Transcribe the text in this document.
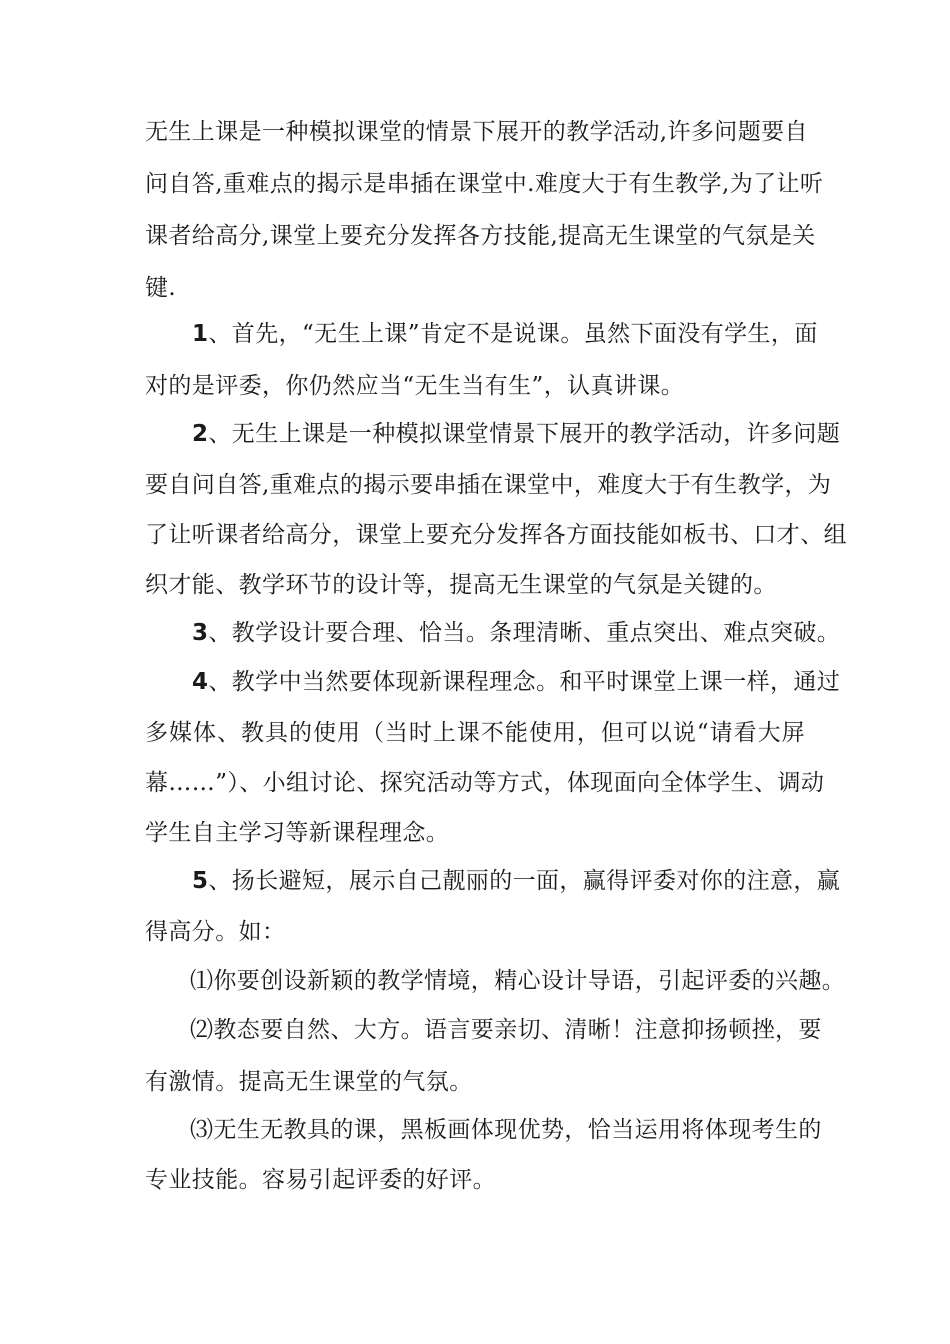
无生上课是一种模拟课堂的情景下展开的教学活动,许多问题要自
问自答,重难点的揭示是串插在课堂中.难度大于有生教学,为了让听
课者给高分,课堂上要充分发挥各方技能,提高无生课堂的气氛是关
键.
1、首先，“无生上课”肯定不是说课。虽然下面没有学生，面
对的是评委，你仍然应当“无生当有生”，认真讲课。
2、无生上课是一种模拟课堂情景下展开的教学活动，许多问题
要自问自答,重难点的揭示要串插在课堂中，难度大于有生教学，为
了让听课者给高分，课堂上要充分发挥各方面技能如板书、口才、组
织才能、教学环节的设计等，提高无生课堂的气氛是关键的。
3、教学设计要合理、恰当。条理清晰、重点突出、难点突破。
4、教学中当然要体现新课程理念。和平时课堂上课一样，通过
多媒体、教具的使用（当时上课不能使用，但可以说“请看大屏
幕……”）、小组讨论、探究活动等方式，体现面向全体学生、调动
学生自主学习等新课程理念。
5、扬长避短，展示自己靓丽的一面，赢得评委对你的注意，赢
得高分。如：
⑴你要创设新颖的教学情境，精心设计导语，引起评委的兴趣。
⑵教态要自然、大方。语言要亲切、清晰！注意抑扬顿挫，要
有激情。提高无生课堂的气氛。
⑶无生无教具的课，黑板画体现优势，恰当运用将体现考生的
专业技能。容易引起评委的好评。
